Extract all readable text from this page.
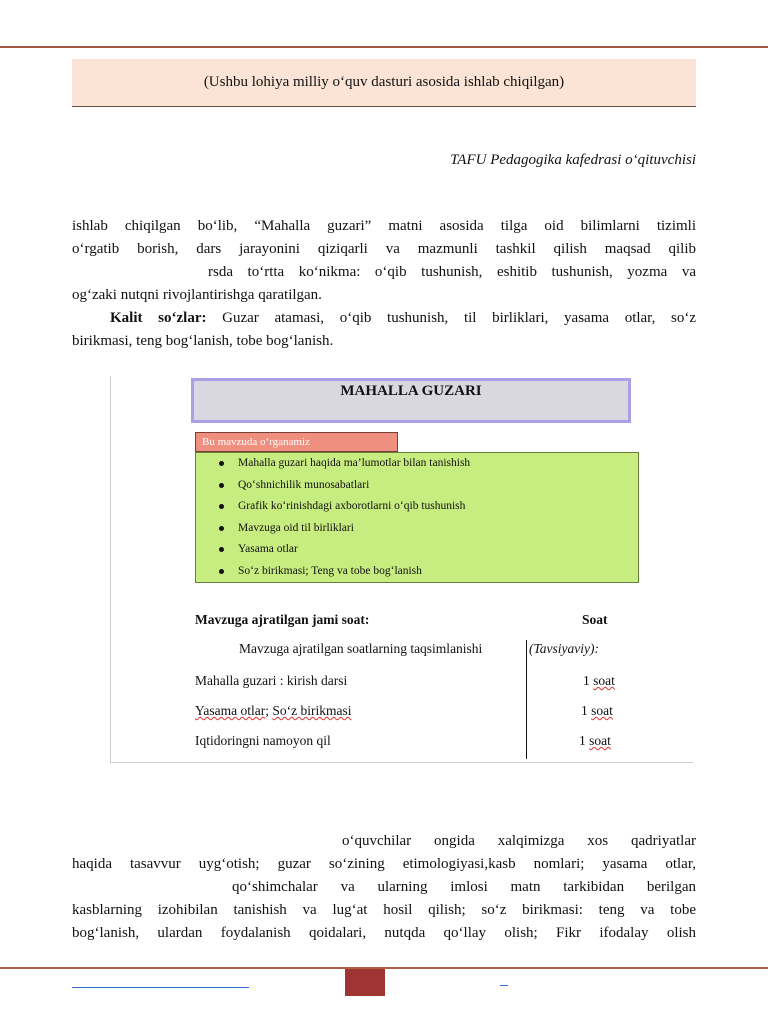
(Ushbu lohiya milliy o‘quv dasturi asosida ishlab chiqilgan)
TAFU Pedagogika kafedrasi o‘qituvchisi
ishlab chiqilgan bo‘lib, “Mahalla guzari” matni asosida tilga oid bilimlarni tizimli
o‘rgatib borish, dars jarayonini qiziqarli va mazmunli tashkil qilish maqsad qilib
rsda to‘rtta ko‘nikma: o‘qib tushunish, eshitib tushunish, yozma va
og‘zaki nutqni rivojlantirishga qaratilgan.
Kalit so‘zlar: Guzar atamasi, o‘qib tushunish, til birliklari, yasama otlar, so‘z
birikmasi, teng bog‘lanish, tobe bog‘lanish.
MAHALLA GUZARI
Bu mavzuda o‘rganamiz
Mahalla guzari haqida ma’lumotlar bilan tanishish
Qo‘shnichilik munosabatlari
Grafik ko‘rinishdagi axborotlarni o‘qib tushunish
Mavzuga oid til birliklari
Yasama otlar
So‘z birikmasi; Teng va tobe bog‘lanish
Mavzuga ajratilgan jami soat:	Soat
Mavzuga ajratilgan soatlarning taqsimlanishi	(Tavsiyaviy):
Mahalla guzari : kirish darsi	1 soat
Yasama otlar; So‘z birikmasi	1 soat
Iqtidoringni namoyon qil	1 soat
o‘quvchilar ongida xalqimizga xos qadriyatlar
haqida tasavvur uyg‘otish; guzar so‘zining etimologiyasi,kasb nomlari; yasama otlar,
qo‘shimchalar va ularning imlosi matn tarkibidan berilgan
kasblarning izohibilan tanishish va lug‘at hosil qilish; so‘z birikmasi: teng va tobe
bog‘lanish, ulardan foydalanish qoidalari, nutqda qo‘llay olish; Fikr ifodalay olish
